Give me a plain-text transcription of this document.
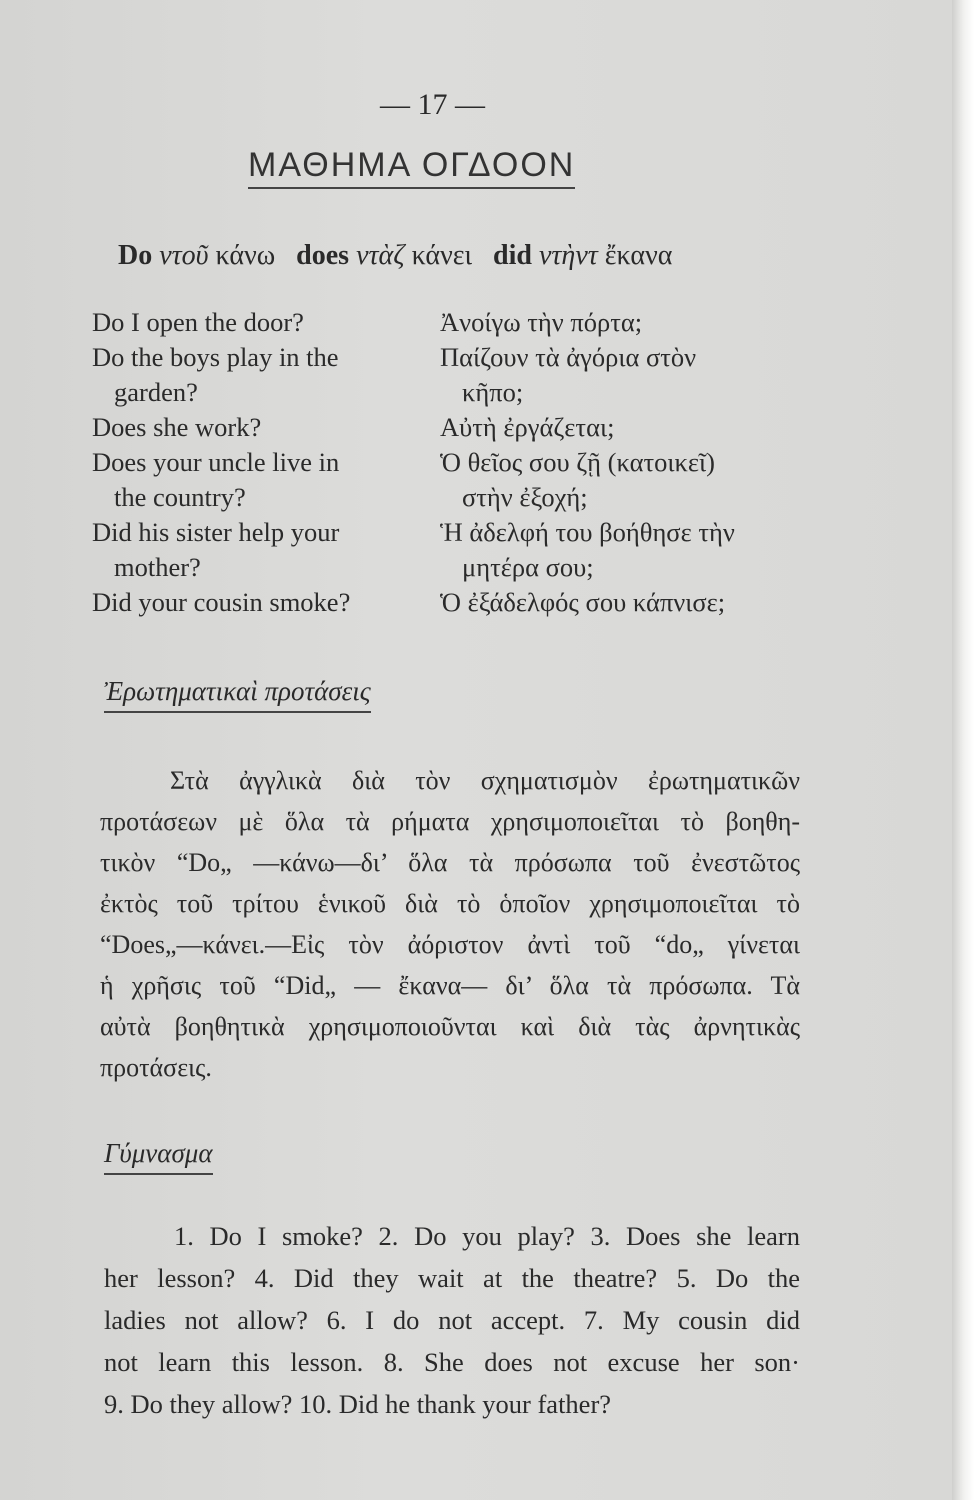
— 17 —
ΜΑΘΗΜΑ ΟΓΔΟΟΝ
Do ντοῦ κάνω does ντὰζ κάνει did ντὴντ ἔκανα
Do I open the door?
Do the boys play in the
garden?
Does she work?
Does your uncle live in
the country?
Did his sister help your
mother?
Did your cousin smoke?
Ἀνοίγω τὴν πόρτα;
Παίζουν τὰ ἀγόρια στὸν
κῆπο;
Αὐτὴ ἐργάζεται;
Ὁ θεῖος σου ζῇ (κατοικεῖ)
στὴν ἐξοχή;
Ἡ ἀδελφή του βοήθησε τὴν
μητέρα σου;
Ὁ ἐξάδελφός σου κάπνισε;
Ἐρωτηματικαὶ προτάσεις
Στὰ ἀγγλικὰ διὰ τὸν σχηματισμὸν ἐρωτηματικῶν
προτάσεων μὲ ὅλα τὰ ρήματα χρησιμοποιεῖται τὸ βοηθη-
τικὸν “Do„ —κάνω—δι’ ὅλα τὰ πρόσωπα τοῦ ἐνεστῶτος
ἐκτὸς τοῦ τρίτου ἑνικοῦ διὰ τὸ ὁποῖον χρησιμοποιεῖται τὸ
“Does„—κάνει.—Εἰς τὸν ἀόριστον ἀντὶ τοῦ “do„ γίνεται
ἡ χρῆσις τοῦ “Did„ — ἔκανα— δι’ ὅλα τὰ πρόσωπα. Τὰ
αὐτὰ βοηθητικὰ χρησιμοποιοῦνται καὶ διὰ τὰς ἀρνητικὰς
προτάσεις.
Γύμνασμα
1. Do I smoke? 2. Do you play? 3. Does she learn
her lesson? 4. Did they wait at the theatre? 5. Do the
ladies not allow? 6. I do not accept. 7. My cousin did
not learn this lesson. 8. She does not excuse her son·
9. Do they allow? 10. Did he thank your father?
